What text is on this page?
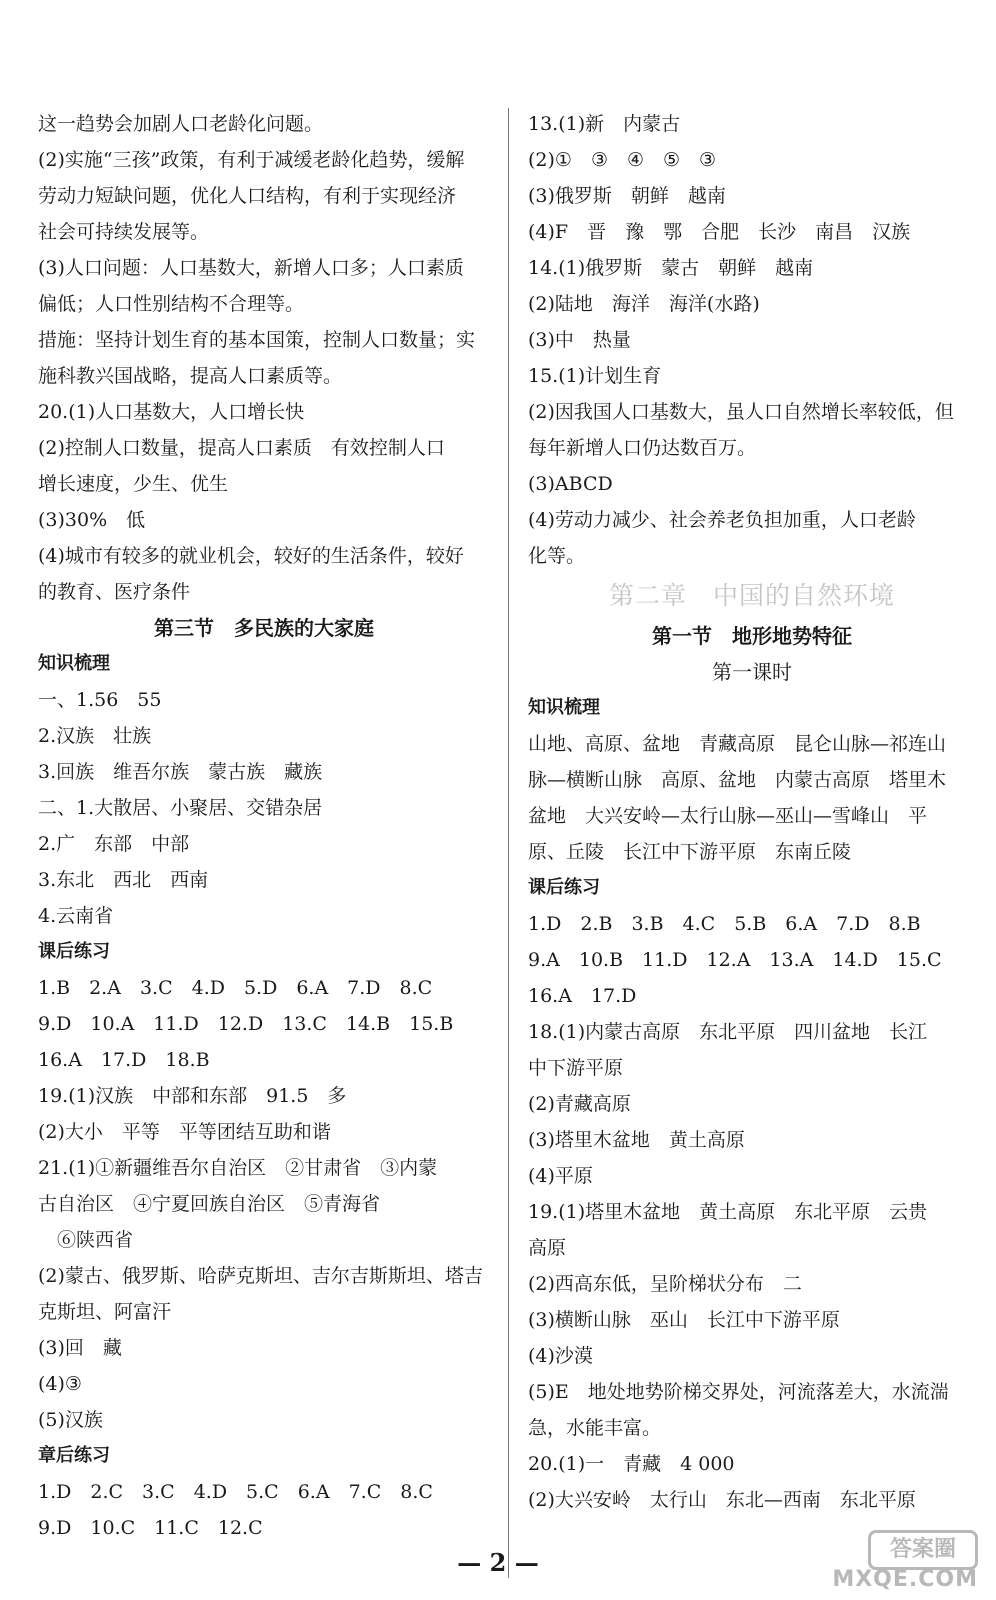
这一趋势会加剧人口老龄化问题。
(2)实施“三孩”政策，有利于减缓老龄化趋势，缓解
劳动力短缺问题，优化人口结构，有利于实现经济
社会可持续发展等。
(3)人口问题：人口基数大，新增人口多；人口素质
偏低；人口性别结构不合理等。
措施：坚持计划生育的基本国策，控制人口数量；实
施科教兴国战略，提高人口素质等。
20.(1)人口基数大，人口增长快
(2)控制人口数量，提高人口素质　有效控制人口
增长速度，少生、优生
(3)30%　低
(4)城市有较多的就业机会，较好的生活条件，较好
的教育、医疗条件
第三节　多民族的大家庭
知识梳理
一、1.56　55
2.汉族　壮族
3.回族　维吾尔族　蒙古族　藏族
二、1.大散居、小聚居、交错杂居
2.广　东部　中部
3.东北　西北　西南
4.云南省
课后练习
1.B　2.A　3.C　4.D　5.D　6.A　7.D　8.C
9.D　10.A　11.D　12.D　13.C　14.B　15.B
16.A　17.D　18.B
19.(1)汉族　中部和东部　91.5　多
(2)大小　平等　平等团结互助和谐
21.(1)①新疆维吾尔自治区　②甘肃省　③内蒙
古自治区　④宁夏回族自治区　⑤青海省
　⑥陕西省
(2)蒙古、俄罗斯、哈萨克斯坦、吉尔吉斯斯坦、塔吉
克斯坦、阿富汗
(3)回　藏
(4)③
(5)汉族
章后练习
1.D　2.C　3.C　4.D　5.C　6.A　7.C　8.C
9.D　10.C　11.C　12.C
13.(1)新　内蒙古
(2)①　③　④　⑤　③
(3)俄罗斯　朝鲜　越南
(4)F　晋　豫　鄂　合肥　长沙　南昌　汉族
14.(1)俄罗斯　蒙古　朝鲜　越南
(2)陆地　海洋　海洋(水路)
(3)中　热量
15.(1)计划生育
(2)因我国人口基数大，虽人口自然增长率较低，但
每年新增人口仍达数百万。
(3)ABCD
(4)劳动力减少、社会养老负担加重，人口老龄
化等。
第二章　中国的自然环境
第一节　地形地势特征
第一课时
知识梳理
山地、高原、盆地　青藏高原　昆仑山脉—祁连山
脉—横断山脉　高原、盆地　内蒙古高原　塔里木
盆地　大兴安岭—太行山脉—巫山—雪峰山　平
原、丘陵　长江中下游平原　东南丘陵
课后练习
1.D　2.B　3.B　4.C　5.B　6.A　7.D　8.B
9.A　10.B　11.D　12.A　13.A　14.D　15.C
16.A　17.D
18.(1)内蒙古高原　东北平原　四川盆地　长江
中下游平原
(2)青藏高原
(3)塔里木盆地　黄土高原
(4)平原
19.(1)塔里木盆地　黄土高原　东北平原　云贵
高原
(2)西高东低，呈阶梯状分布　二
(3)横断山脉　巫山　长江中下游平原
(4)沙漠
(5)E　地处地势阶梯交界处，河流落差大，水流湍
急，水能丰富。
20.(1)一　青藏　4 000
(2)大兴安岭　太行山　东北—西南　东北平原
— 2 —	答案圈
MXQE.COM
